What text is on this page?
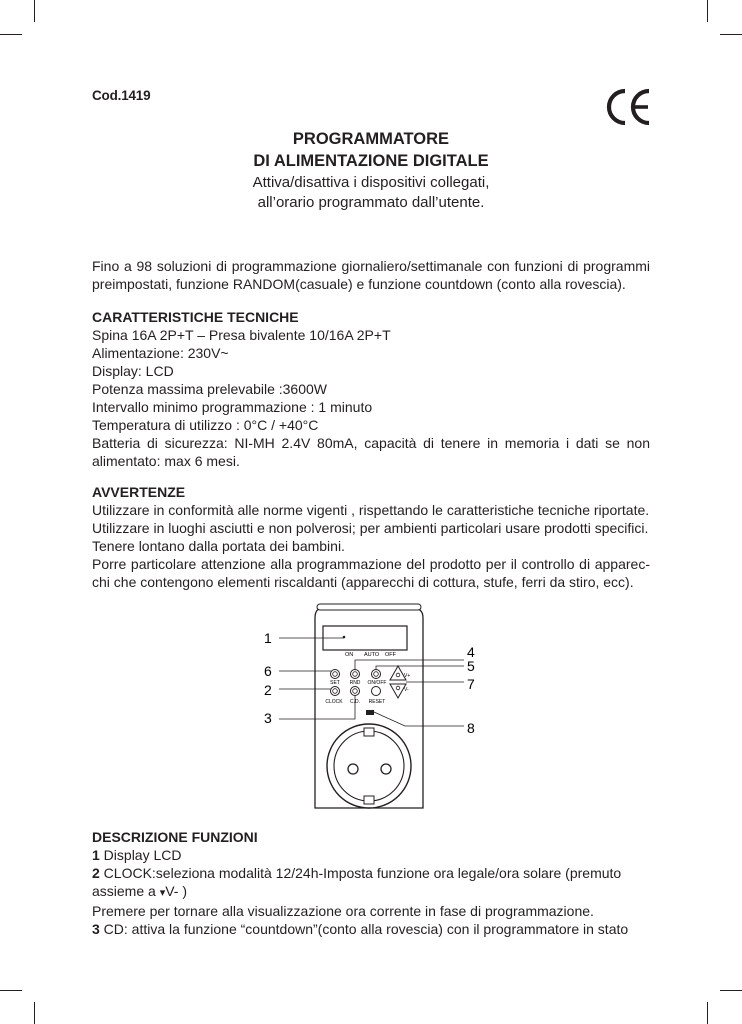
Cod.1419
PROGRAMMATORE
DI ALIMENTAZIONE DIGITALE
Attiva/disattiva i dispositivi collegati,
all’orario programmato dall’utente.
Fino a 98 soluzioni di programmazione giornaliero/settimanale con funzioni di programmi
preimpostati, funzione RANDOM(casuale) e funzione countdown (conto alla rovescia).
CARATTERISTICHE TECNICHE
Spina 16A 2P+T – Presa bivalente 10/16A 2P+T
Alimentazione: 230V~
Display: LCD
Potenza massima prelevabile :3600W
Intervallo minimo programmazione : 1 minuto
Temperatura di utilizzo : 0°C / +40°C
Batteria di sicurezza: NI-MH 2.4V 80mA, capacità di tenere in memoria i dati se non
alimentato: max 6 mesi.
AVVERTENZE
Utilizzare in conformità alle norme vigenti , rispettando le caratteristiche tecniche riportate.
Utilizzare in luoghi asciutti e non polverosi; per ambienti particolari usare prodotti specifici.
Tenere lontano dalla portata dei bambini.
Porre particolare attenzione alla programmazione del prodotto per il controllo di apparec-
chi che contengono elementi riscaldanti (apparecchi di cottura, stufe, ferri da stiro, ecc).
ON AUTO OFF
SET RND ON/OFF
CLOCK C.D. RESET
V+
V-
1
6
2
3
4
5
7
8
DESCRIZIONE FUNZIONI
1 Display LCD
2 CLOCK:seleziona modalità 12/24h-Imposta funzione ora legale/ora solare (premuto
assieme a ▾V- )
Premere per tornare alla visualizzazione ora corrente in fase di programmazione.
3 CD: attiva la funzione “countdown”(conto alla rovescia) con il programmatore in stato
